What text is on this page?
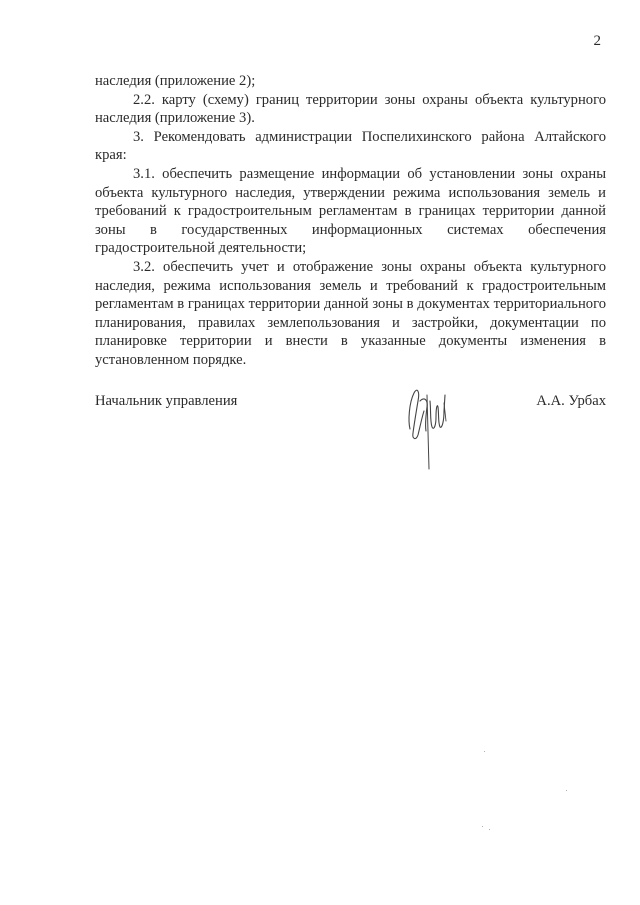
2

наследия (приложение 2);

2.2. карту (схему) границ территории зоны охраны объекта культурного наследия (приложение 3).

3. Рекомендовать администрации Поспелихинского района Алтайского края:

3.1. обеспечить размещение информации об установлении зоны охраны объекта культурного наследия, утверждении режима использования земель и требований к градостроительным регламентам в границах территории данной зоны в государственных информационных системах обеспечения градостроительной деятельности;

3.2. обеспечить учет и отображение зоны охраны объекта культурного наследия, режима использования земель и требований к градостроительным регламентам в границах территории данной зоны в документах территориального планирования, правилах землепользования и застройки, документации по планировке территории и внести в указанные документы изменения в установленном порядке.

Начальник управления	А.А. Урбах
